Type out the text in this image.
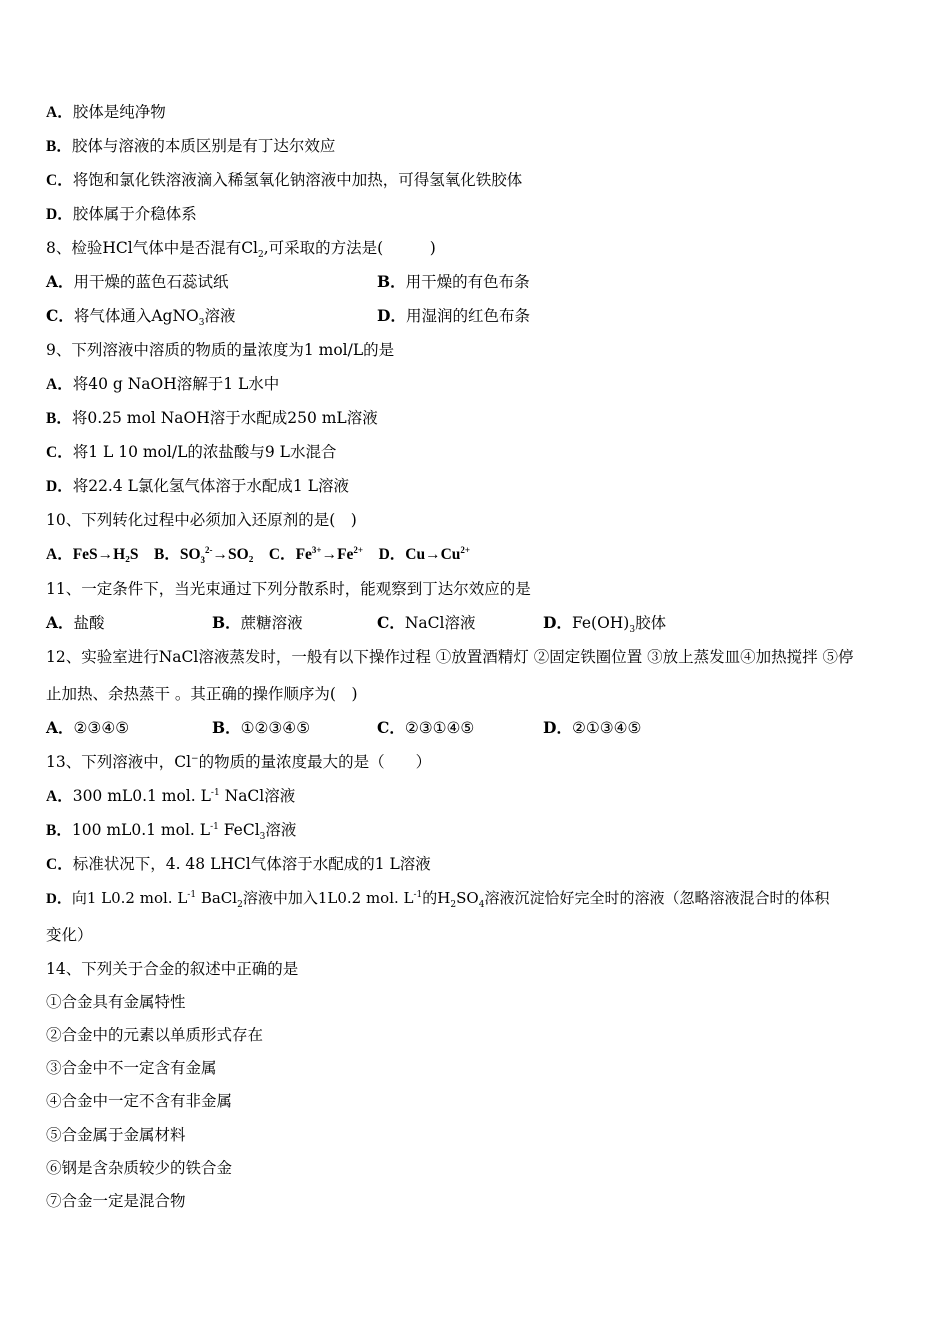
A．胶体是纯净物
B．胶体与溶液的本质区别是有丁达尔效应
C．将饱和氯化铁溶液滴入稀氢氧化钠溶液中加热，可得氢氧化铁胶体
D．胶体属于介稳体系
8、检验HCl气体中是否混有$Cl_2$,可采取的方法是(　　　)
A．用干燥的蓝色石蕊试纸	B．用干燥的有色布条
C．将气体通入AgNO$_3$溶液	D．用湿润的红色布条
9、下列溶液中溶质的物质的量浓度为1 mol/L的是
A．将40 g NaOH溶解于1 L水中
B．将0.25 mol NaOH溶于水配成250 mL溶液
C．将1 L 10 mol/L的浓盐酸与9 L水混合
D．将22.4 L氯化氢气体溶于水配成1 L溶液
10、下列转化过程中必须加入还原剂的是(　)
A．FeS→H₂S B．$SO_3^{2-}\to SO_2$ C．$Fe^{3+}\to Fe^{2+}$ D．$Cu\to Cu^{2+}$
11、一定条件下，当光束通过下列分散系时，能观察到丁达尔效应的是
A．盐酸	B．蔗糖溶液	C．NaCl溶液	D．$Fe(OH)_3$胶体
12、实验室进行NaCl溶液蒸发时，一般有以下操作过程 ①放置酒精灯 ②固定铁圈位置 ③放上蒸发皿④加热搅拌 ⑤停
止加热、余热蒸干 。其正确的操作顺序为(　)
A．②③④⑤	B．①②③④⑤	C．②③①④⑤	D．②①③④⑤
13、下列溶液中，Cl−的物质的量浓度最大的是（　　）
A．300 mL0.1 mol. $L^{-1}$ NaCl溶液
B．100 mL0.1 mol. $L^{-1}$ FeCl$_3$溶液
C．标准状况下，4. 48 LHCl气体溶于水配成的1 L溶液
D．向1 L0.2 mol. $L^{-1}$ BaCl$_2$溶液中加入1L0.2 mol. $L^{-1}$的$H_2SO_4$溶液沉淀恰好完全时的溶液（忽略溶液混合时的体积
变化）
14、下列关于合金的叙述中正确的是
①合金具有金属特性
②合金中的元素以单质形式存在
③合金中不一定含有金属
④合金中一定不含有非金属
⑤合金属于金属材料
⑥钢是含杂质较少的铁合金
⑦合金一定是混合物
